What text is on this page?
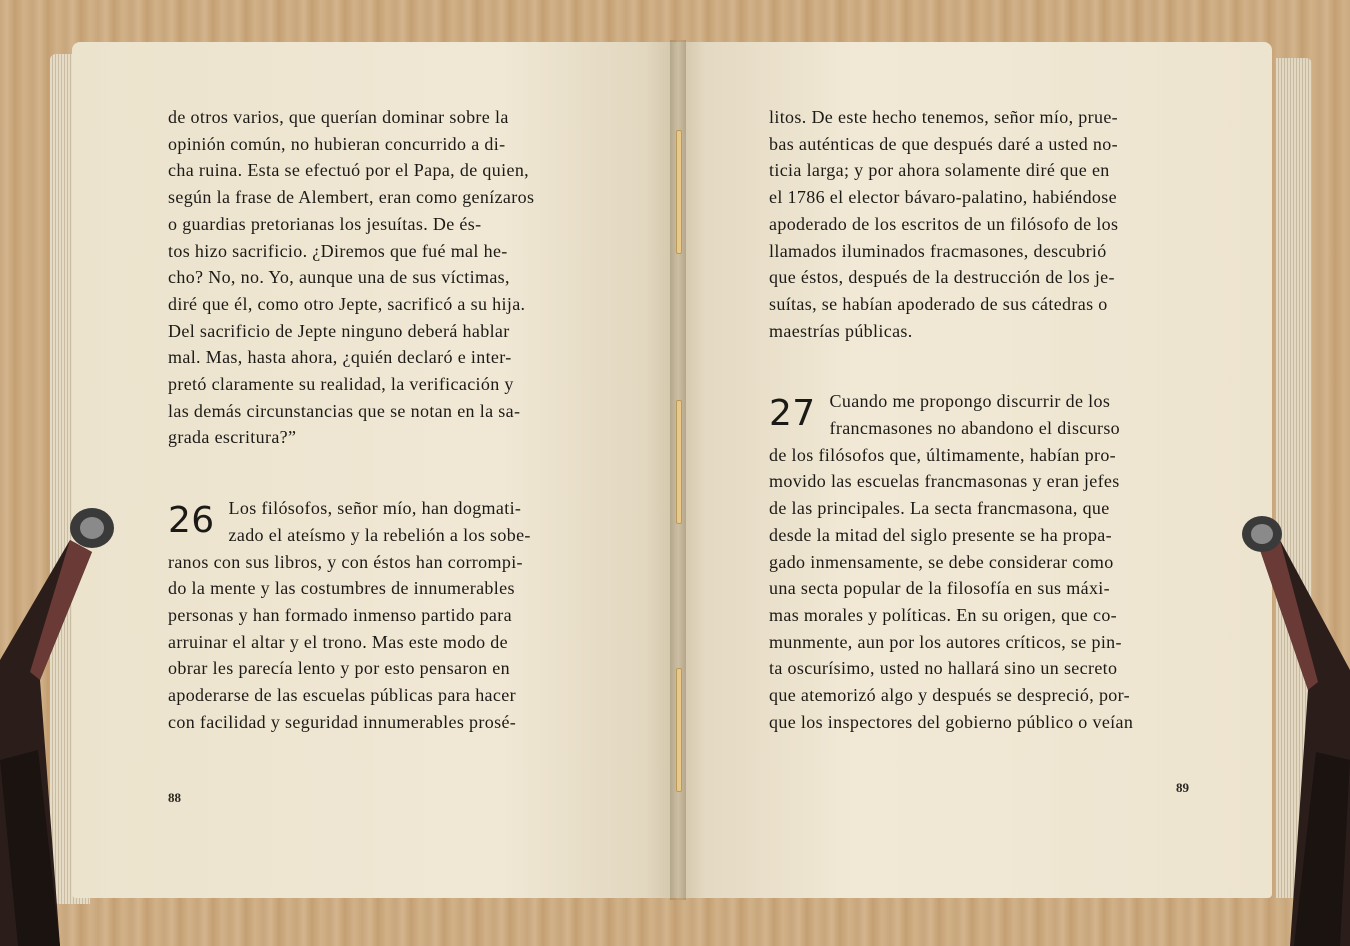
de otros varios, que querían dominar sobre la

opinión común, no hubieran concurrido a di-

cha ruina. Esta se efectuó por el Papa, de quien,

según la frase de Alembert, eran como genízaros

o guardias pretorianas los jesuítas. De és-

tos hizo sacrificio. ¿Diremos que fué mal he-

cho? No, no. Yo, aunque una de sus víctimas,

diré que él, como otro Jepte, sacrificó a su hija.

Del sacrificio de Jepte ninguno deberá hablar

mal. Mas, hasta ahora, ¿quién declaró e inter-

pretó claramente su realidad, la verificación y

las demás circunstancias que se notan en la sa-

grada escritura?”

26 Los filósofos, señor mío, han dogmati-

zado el ateísmo y la rebelión a los sobe-

ranos con sus libros, y con éstos han corrompi-

do la mente y las costumbres de innumerables

personas y han formado inmenso partido para

arruinar el altar y el trono. Mas este modo de

obrar les parecía lento y por esto pensaron en

apoderarse de las escuelas públicas para hacer

con facilidad y seguridad innumerables prosé-

88

litos. De este hecho tenemos, señor mío, prue-

bas auténticas de que después daré a usted no-

ticia larga; y por ahora solamente diré que en

el 1786 el elector bávaro-palatino, habiéndose

apoderado de los escritos de un filósofo de los

llamados iluminados fracmasones, descubrió

que éstos, después de la destrucción de los je-

suítas, se habían apoderado de sus cátedras o

maestrías públicas.

27 Cuando me propongo discurrir de los

francmasones no abandono el discurso

de los filósofos que, últimamente, habían pro-

movido las escuelas francmasonas y eran jefes

de las principales. La secta francmasona, que

desde la mitad del siglo presente se ha propa-

gado inmensamente, se debe considerar como

una secta popular de la filosofía en sus máxi-

mas morales y políticas. En su origen, que co-

munmente, aun por los autores críticos, se pin-

ta oscurísimo, usted no hallará sino un secreto

que atemorizó algo y después se despreció, por-

que los inspectores del gobierno público o veían

89
